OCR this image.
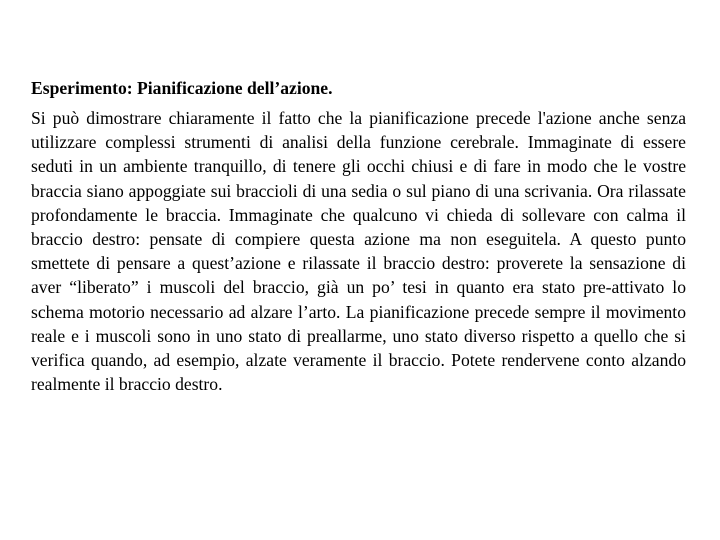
Esperimento: Pianificazione dell’azione.

Si può dimostrare chiaramente il fatto che la pianificazione precede l'azione anche senza utilizzare complessi strumenti di analisi della funzione cerebrale. Immaginate di essere seduti in un ambiente tranquillo, di tenere gli occhi chiusi e di fare in modo che le vostre braccia siano appoggiate sui braccioli di una sedia o sul piano di una scrivania. Ora rilassate profondamente le braccia. Immaginate che qualcuno vi chieda di sollevare con calma il braccio destro: pensate di compiere questa azione ma non eseguitela. A questo punto smettete di pensare a quest’azione e rilassate il braccio destro: proverete la sensazione di aver “liberato” i muscoli del braccio, già un po’ tesi in quanto era stato pre-attivato lo schema motorio necessario ad alzare l’arto. La pianificazione precede sempre il movimento reale e i muscoli sono in uno stato di preallarme, uno stato diverso rispetto a quello che si verifica quando, ad esempio, alzate veramente il braccio. Potete rendervene conto alzando realmente il braccio destro.
